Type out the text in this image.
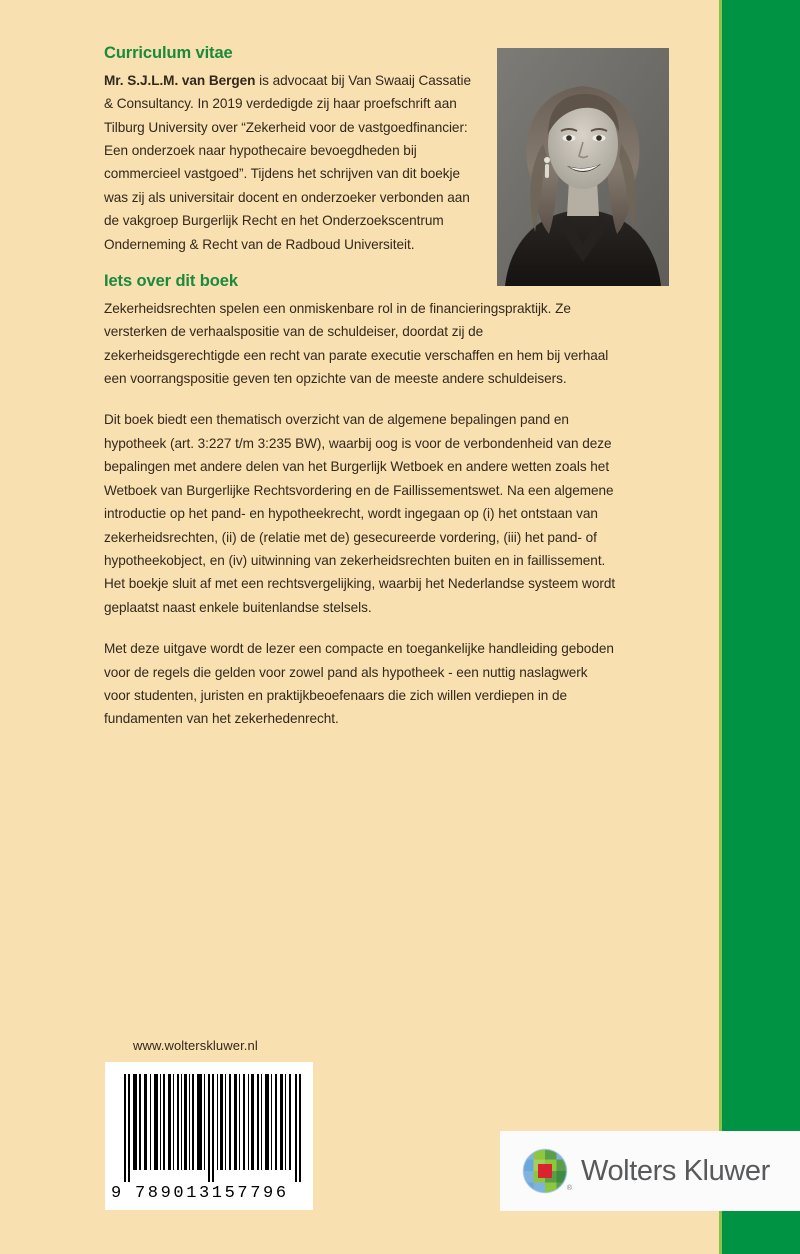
Curriculum vitae

Mr. S.J.L.M. van Bergen is advocaat bij Van Swaaij Cassatie & Consultancy. In 2019 verdedigde zij haar proefschrift aan Tilburg University over “Zekerheid voor de vastgoedfinancier: Een onderzoek naar hypothecaire bevoegdheden bij commercieel vastgoed”. Tijdens het schrijven van dit boekje was zij als universitair docent en onderzoeker verbonden aan de vakgroep Burgerlijk Recht en het Onderzoekscentrum Onderneming & Recht van de Radboud Universiteit.

Iets over dit boek

Zekerheidsrechten spelen een onmiskenbare rol in de financieringspraktijk. Ze versterken de verhaalspositie van de schuldeiser, doordat zij de zekerheidsgerechtigde een recht van parate executie verschaffen en hem bij verhaal een voorrangspositie geven ten opzichte van de meeste andere schuldeisers.

Dit boek biedt een thematisch overzicht van de algemene bepalingen pand en hypotheek (art. 3:227 t/m 3:235 BW), waarbij oog is voor de verbondenheid van deze bepalingen met andere delen van het Burgerlijk Wetboek en andere wetten zoals het Wetboek van Burgerlijke Rechtsvordering en de Faillissementswet. Na een algemene introductie op het pand- en hypotheekrecht, wordt ingegaan op (i) het ontstaan van zekerheidsrechten, (ii) de (relatie met de) gesecureerde vordering, (iii) het pand- of hypotheekobject, en (iv) uitwinning van zekerheidsrechten buiten en in faillissement. Het boekje sluit af met een rechtsvergelijking, waarbij het Nederlandse systeem wordt geplaatst naast enkele buitenlandse stelsels.

Met deze uitgave wordt de lezer een compacte en toegankelijke handleiding geboden voor de regels die gelden voor zowel pand als hypotheek - een nuttig naslagwerk voor studenten, juristen en praktijkbeoefenaars die zich willen verdiepen in de fundamenten van het zekerhedenrecht.

www.wolterskluwer.nl
9 789013157796	®
Wolters Kluwer
